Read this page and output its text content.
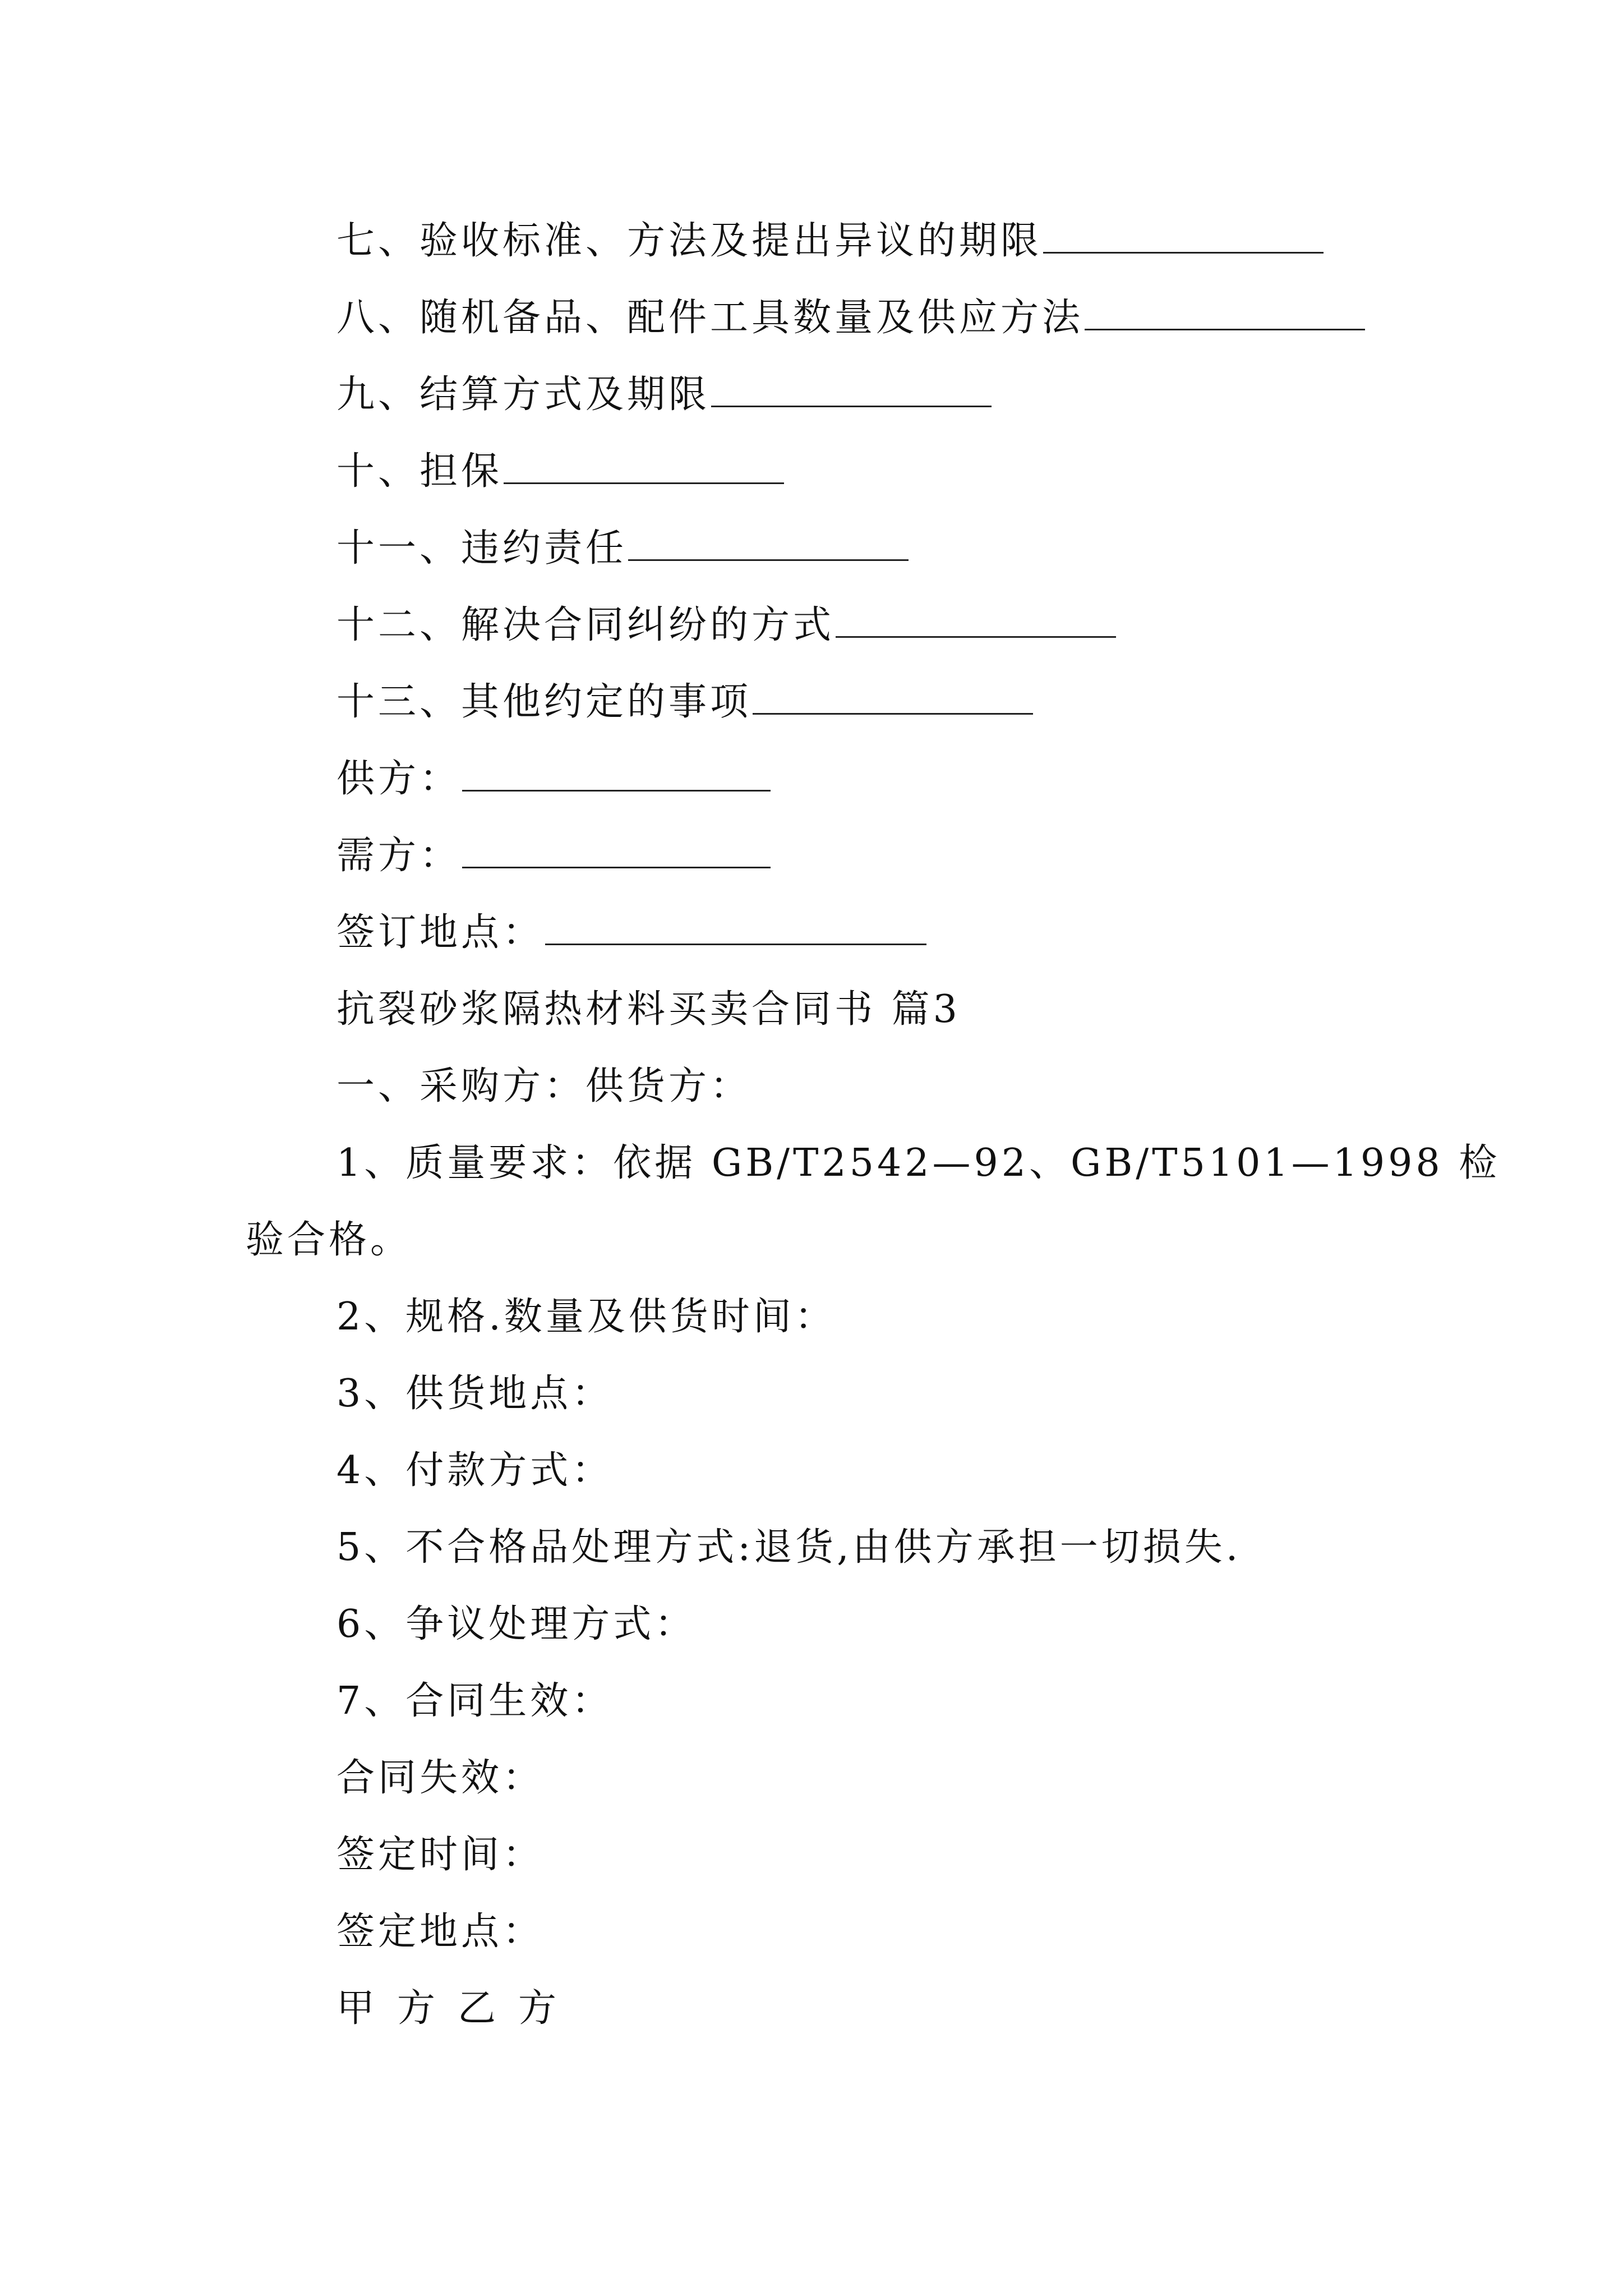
七、验收标准、方法及提出异议的期限
八、随机备品、配件工具数量及供应方法
九、结算方式及期限
十、担保
十一、违约责任
十二、解决合同纠纷的方式
十三、其他约定的事项
供方：
需方：
签订地点：
抗裂砂浆隔热材料买卖合同书 篇3
一、采购方：供货方：
1、质量要求：依据 GB/T2542—92、GB/T5101—1998 检
验合格。
2、规格.数量及供货时间：
3、供货地点：
4、付款方式：
5、不合格品处理方式:退货,由供方承担一切损失.
6、争议处理方式：
7、合同生效：
合同失效：
签定时间：
签定地点：
甲方乙方
